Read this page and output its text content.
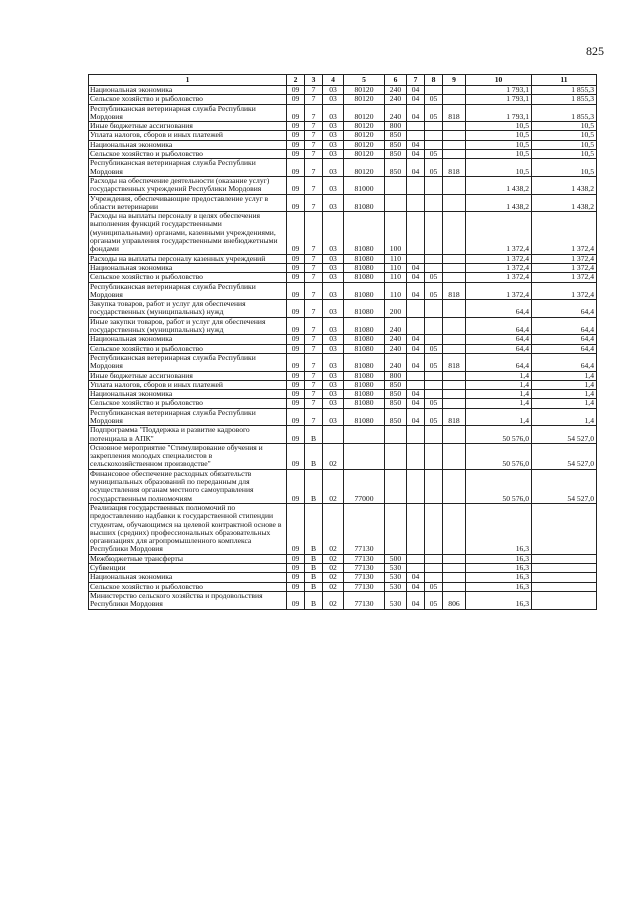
825
1	2	3	4	5	6	7	8	9	10	11
Национальная экономика	09	7	03	80120	240	04			1 793,1	1 855,3
Сельское хозяйство и рыболовство	09	7	03	80120	240	04	05		1 793,1	1 855,3
Республиканская ветеринарная служба Республики Мордовия	09	7	03	80120	240	04	05	818	1 793,1	1 855,3
Иные бюджетные ассигнования	09	7	03	80120	800				10,5	10,5
Уплата налогов, сборов и иных платежей	09	7	03	80120	850				10,5	10,5
Национальная экономика	09	7	03	80120	850	04			10,5	10,5
Сельское хозяйство и рыболовство	09	7	03	80120	850	04	05		10,5	10,5
Республиканская ветеринарная служба Республики Мордовия	09	7	03	80120	850	04	05	818	10,5	10,5
Расходы на обеспечение деятельности (оказание услуг) государственных учреждений Республики Мордовия	09	7	03	81000					1 438,2	1 438,2
Учреждения, обеспечивающие предоставление услуг в области ветеринарии	09	7	03	81080					1 438,2	1 438,2
Расходы на выплаты персоналу в целях обеспечения выполнения функций государственными (муниципальными) органами, казенными учреждениями, органами управления государственными внебюджетными фондами	09	7	03	81080	100				1 372,4	1 372,4
Расходы на выплаты персоналу казенных учреждений	09	7	03	81080	110				1 372,4	1 372,4
Национальная экономика	09	7	03	81080	110	04			1 372,4	1 372,4
Сельское хозяйство и рыболовство	09	7	03	81080	110	04	05		1 372,4	1 372,4
Республиканская ветеринарная служба Республики Мордовия	09	7	03	81080	110	04	05	818	1 372,4	1 372,4
Закупка товаров, работ и услуг для обеспечения государственных (муниципальных) нужд	09	7	03	81080	200				64,4	64,4
Иные закупки товаров, работ и услуг для обеспечения государственных (муниципальных) нужд	09	7	03	81080	240				64,4	64,4
Национальная экономика	09	7	03	81080	240	04			64,4	64,4
Сельское хозяйство и рыболовство	09	7	03	81080	240	04	05		64,4	64,4
Республиканская ветеринарная служба Республики Мордовия	09	7	03	81080	240	04	05	818	64,4	64,4
Иные бюджетные ассигнования	09	7	03	81080	800				1,4	1,4
Уплата налогов, сборов и иных платежей	09	7	03	81080	850				1,4	1,4
Национальная экономика	09	7	03	81080	850	04			1,4	1,4
Сельское хозяйство и рыболовство	09	7	03	81080	850	04	05		1,4	1,4
Республиканская ветеринарная служба Республики Мордовия	09	7	03	81080	850	04	05	818	1,4	1,4
Подпрограмма "Поддержка и развитие кадрового потенциала в АПК"	09	В							50 576,0	54 527,0
Основное мероприятие "Стимулирование обучения и закрепления молодых специалистов в сельскохозяйственном производстве"	09	В	02						50 576,0	54 527,0
Финансовое обеспечение расходных обязательств муниципальных образований по переданным для осуществления органам местного самоуправления государственным полномочиям	09	В	02	77000					50 576,0	54 527,0
Реализация государственных полномочий по предоставлению надбавки к государственной стипендии студентам, обучающимся на целевой контрактной основе в высших (средних) профессиональных образовательных организациях для агропромышленного комплекса Республики Мордовия	09	В	02	77130					16,3	
Межбюджетные трансферты	09	В	02	77130	500				16,3	
Субвенции	09	В	02	77130	530				16,3	
Национальная экономика	09	В	02	77130	530	04			16,3	
Сельское хозяйство и рыболовство	09	В	02	77130	530	04	05		16,3	
Министерство сельского хозяйства и продовольствия Республики Мордовия	09	В	02	77130	530	04	05	806	16,3	
